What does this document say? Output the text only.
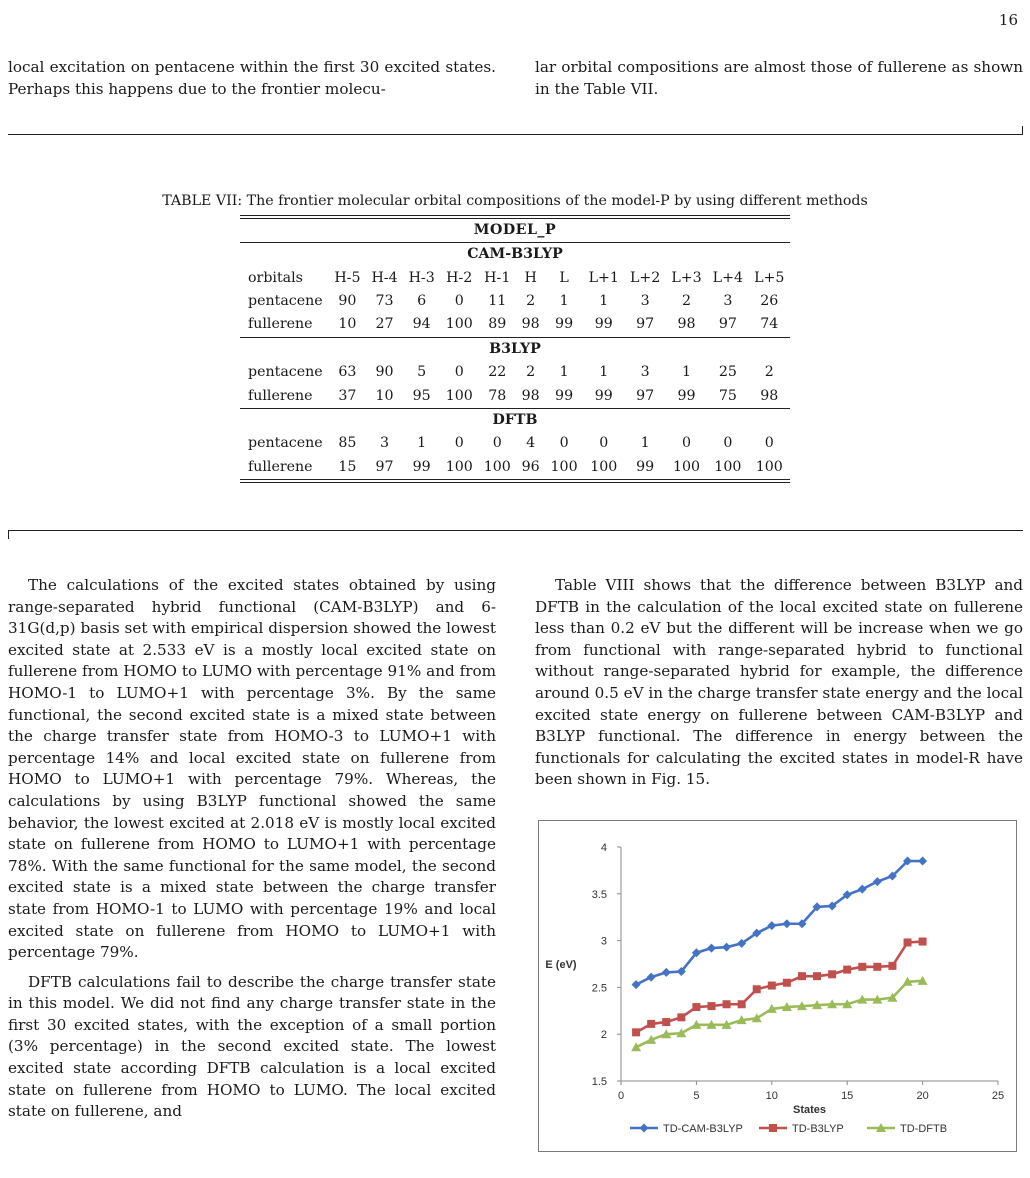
16
local excitation on pentacene within the first 30 excited states. Perhaps this happens due to the frontier molecu-
lar orbital compositions are almost those of fullerene as shown in the Table VII.
TABLE VII: The frontier molecular orbital compositions of the model-P by using different methods
MODEL_P												

CAM-B3LYP												
orbitals	H-5	H-4	H-3	H-2	H-1	H	L	L+1	L+2	L+3	L+4	L+5
pentacene	90	73	6	0	11	2	1	1	3	2	3	26
fullerene	10	27	94	100	89	98	99	99	97	98	97	74

B3LYP												
pentacene	63	90	5	0	22	2	1	1	3	1	25	2
fullerene	37	10	95	100	78	98	99	99	97	99	75	98

DFTB												
pentacene	85	3	1	0	0	4	0	0	1	0	0	0
fullerene	15	97	99	100	100	96	100	100	99	100	100	100

The calculations of the excited states obtained by using range-separated hybrid functional (CAM-B3LYP) and 6-31G(d,p) basis set with empirical dispersion showed the lowest excited state at 2.533 eV is a mostly local excited state on fullerene from HOMO to LUMO with percentage 91% and from HOMO-1 to LUMO+1 with percentage 3%. By the same functional, the second excited state is a mixed state between the charge transfer state from HOMO-3 to LUMO+1 with percentage 14% and local excited state on fullerene from HOMO to LUMO+1 with percentage 79%. Whereas, the calculations by using B3LYP functional showed the same behavior, the lowest excited at 2.018 eV is mostly local excited state on fullerene from HOMO to LUMO+1 with percentage 78%. With the same functional for the same model, the second excited state is a mixed state between the charge transfer state from HOMO-1 to LUMO with percentage 19% and local excited state on fullerene from HOMO to LUMO+1 with percentage 79%.

DFTB calculations fail to describe the charge transfer state in this model. We did not find any charge transfer state in the first 30 excited states, with the exception of a small portion (3% percentage) in the second excited state. The lowest excited state according DFTB calculation is a local excited state on fullerene from HOMO to LUMO. The local excited state on fullerene, and

Table VIII shows that the difference between B3LYP and DFTB in the calculation of the local excited state on fullerene less than 0.2 eV but the different will be increase when we go from functional with range-separated hybrid to functional without range-separated hybrid for example, the difference around 0.5 eV in the charge transfer state energy and the local excited state energy on fullerene between CAM-B3LYP and B3LYP functional. The difference in energy between the functionals for calculating the excited states in model-R have been shown in Fig. 15.

1.5
2
2.5
3
3.5
4
0	5	10	15	20	25
States
E (eV)
TD-CAM-B3LYP	TD-B3LYP	TD-DFTB
